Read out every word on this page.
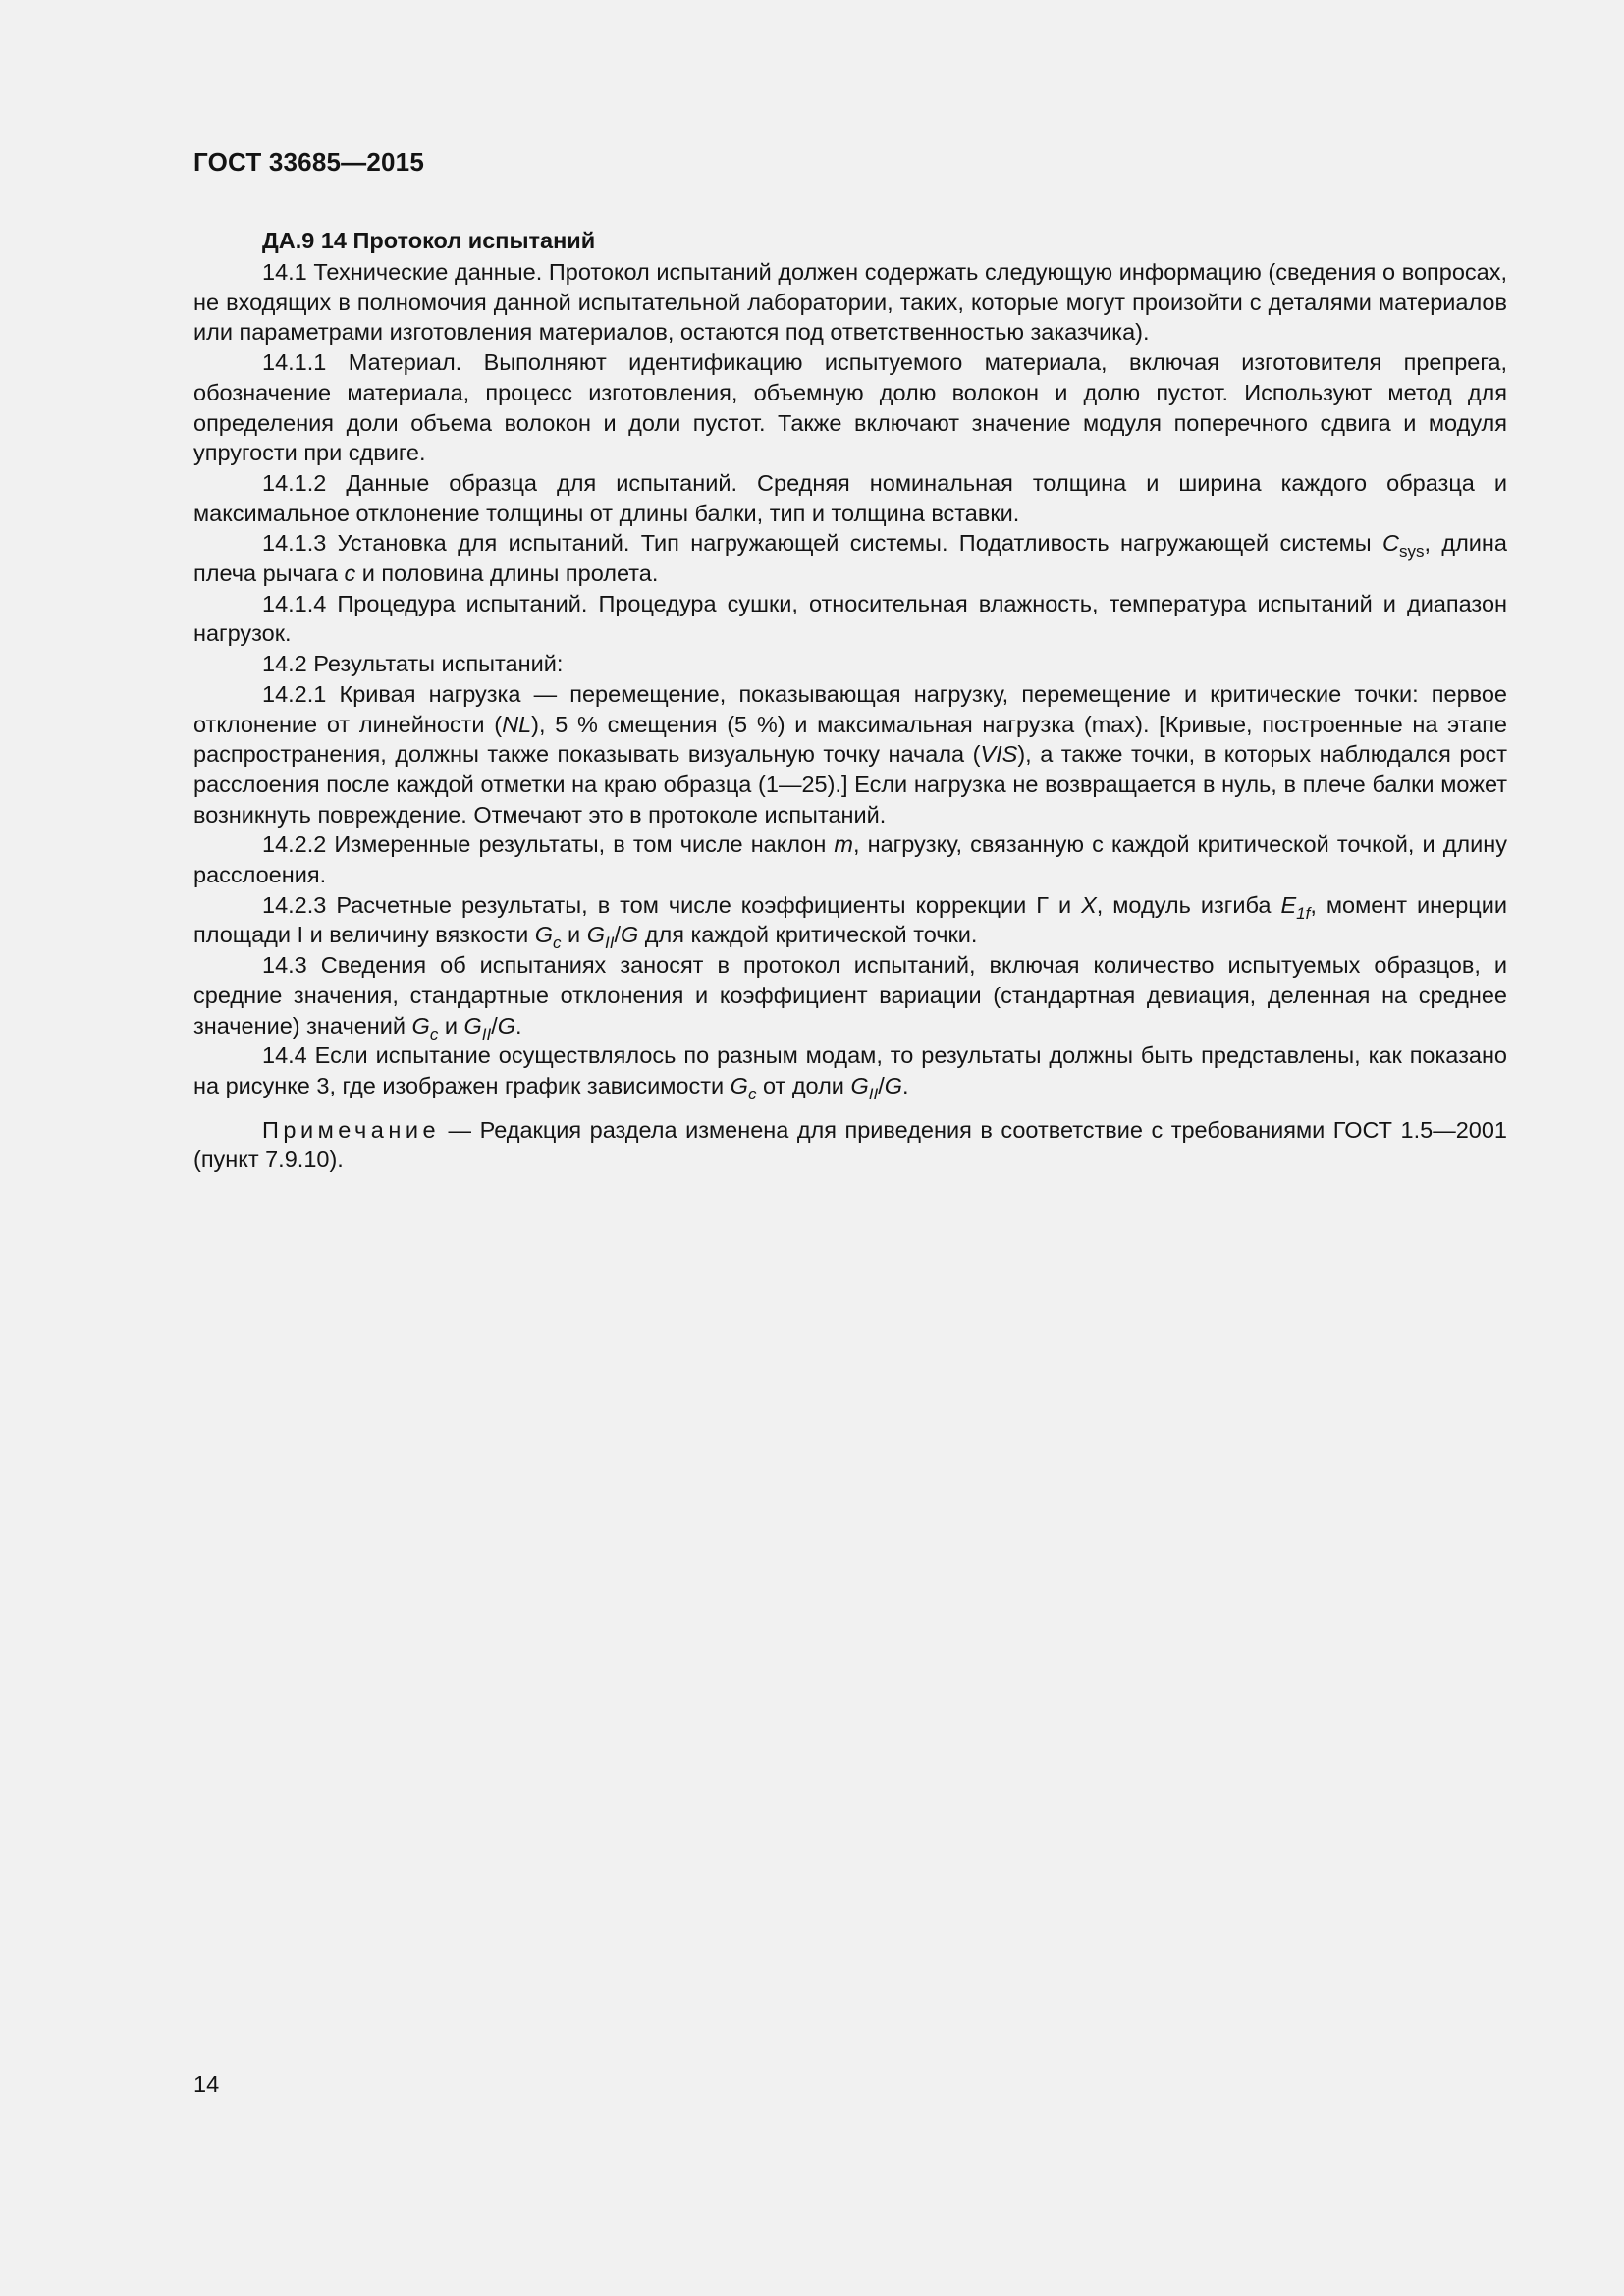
ГОСТ 33685—2015

ДА.9 14 Протокол испытаний

14.1 Технические данные. Протокол испытаний должен содержать следующую информацию (сведения о вопросах, не входящих в полномочия данной испытательной лаборатории, таких, которые могут произойти с деталями материалов или параметрами изготовления материалов, остаются под ответственностью заказчика).

14.1.1 Материал. Выполняют идентификацию испытуемого материала, включая изготовителя препрега, обозначение материала, процесс изготовления, объемную долю волокон и долю пустот. Используют метод для определения доли объема волокон и доли пустот. Также включают значение модуля поперечного сдвига и модуля упругости при сдвиге.

14.1.2 Данные образца для испытаний. Средняя номинальная толщина и ширина каждого образца и максимальное отклонение толщины от длины балки, тип и толщина вставки.

14.1.3 Установка для испытаний. Тип нагружающей системы. Податливость нагружающей системы $C_{sys}$, длина плеча рычага c и половина длины пролета.

14.1.4 Процедура испытаний. Процедура сушки, относительная влажность, температура испытаний и диапазон нагрузок.

14.2 Результаты испытаний:

14.2.1 Кривая нагрузка — перемещение, показывающая нагрузку, перемещение и критические точки: первое отклонение от линейности (NL), 5 % смещения (5 %) и максимальная нагрузка (max). [Кривые, построенные на этапе распространения, должны также показывать визуальную точку начала (VIS), а также точки, в которых наблюдался рост расслоения после каждой отметки на краю образца (1—25).] Если нагрузка не возвращается в нуль, в плече балки может возникнуть повреждение. Отмечают это в протоколе испытаний.

14.2.2 Измеренные результаты, в том числе наклон m, нагрузку, связанную с каждой критической точкой, и длину расслоения.

14.2.3 Расчетные результаты, в том числе коэффициенты коррекции Г и X, модуль изгиба $E_{1f}$, момент инерции площади I и величину вязкости $G_c$ и $G_{II}/G$ для каждой критической точки.

14.3 Сведения об испытаниях заносят в протокол испытаний, включая количество испытуемых образцов, и средние значения, стандартные отклонения и коэффициент вариации (стандартная девиация, деленная на среднее значение) значений $G_c$ и $G_{II}/G$.

14.4 Если испытание осуществлялось по разным модам, то результаты должны быть представлены, как показано на рисунке 3, где изображен график зависимости $G_c$ от доли $G_{II}/G$.

Примечание — Редакция раздела изменена для приведения в соответствие с требованиями ГОСТ 1.5—2001 (пункт 7.9.10).

14
